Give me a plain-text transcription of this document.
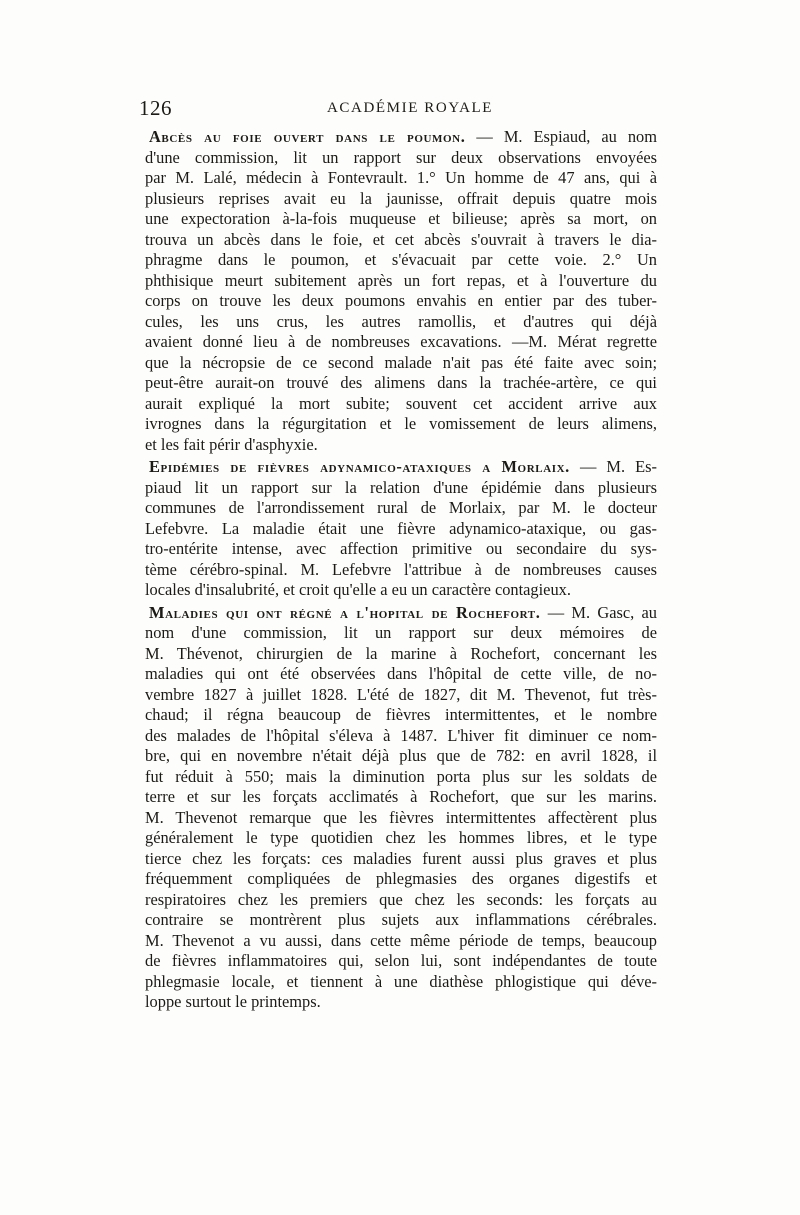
126	ACADÉMIE ROYALE
Abcès au foie ouvert dans le poumon. — M. Espiaud, au nom
d'une commission, lit un rapport sur deux observations envoyées
par M. Lalé, médecin à Fontevrault. 1.° Un homme de 47 ans, qui à
plusieurs reprises avait eu la jaunisse, offrait depuis quatre mois
une expectoration à-la-fois muqueuse et bilieuse; après sa mort, on
trouva un abcès dans le foie, et cet abcès s'ouvrait à travers le dia-
phragme dans le poumon, et s'évacuait par cette voie. 2.° Un
phthisique meurt subitement après un fort repas, et à l'ouverture du
corps on trouve les deux poumons envahis en entier par des tuber-
cules, les uns crus, les autres ramollis, et d'autres qui déjà
avaient donné lieu à de nombreuses excavations. —M. Mérat regrette
que la nécropsie de ce second malade n'ait pas été faite avec soin;
peut-être aurait-on trouvé des alimens dans la trachée-artère, ce qui
aurait expliqué la mort subite; souvent cet accident arrive aux
ivrognes dans la régurgitation et le vomissement de leurs alimens,
et les fait périr d'asphyxie.
Epidémies de fièvres adynamico-ataxiques a Morlaix. — M. Es-
piaud lit un rapport sur la relation d'une épidémie dans plusieurs
communes de l'arrondissement rural de Morlaix, par M. le docteur
Lefebvre. La maladie était une fièvre adynamico-ataxique, ou gas-
tro-entérite intense, avec affection primitive ou secondaire du sys-
tème cérébro-spinal. M. Lefebvre l'attribue à de nombreuses causes
locales d'insalubrité, et croit qu'elle a eu un caractère contagieux.
Maladies qui ont régné a l'hopital de Rochefort. — M. Gasc, au
nom d'une commission, lit un rapport sur deux mémoires de
M. Thévenot, chirurgien de la marine à Rochefort, concernant les
maladies qui ont été observées dans l'hôpital de cette ville, de no-
vembre 1827 à juillet 1828. L'été de 1827, dit M. Thevenot, fut très-
chaud; il régna beaucoup de fièvres intermittentes, et le nombre
des malades de l'hôpital s'éleva à 1487. L'hiver fit diminuer ce nom-
bre, qui en novembre n'était déjà plus que de 782: en avril 1828, il
fut réduit à 550; mais la diminution porta plus sur les soldats de
terre et sur les forçats acclimatés à Rochefort, que sur les marins.
M. Thevenot remarque que les fièvres intermittentes affectèrent plus
généralement le type quotidien chez les hommes libres, et le type
tierce chez les forçats: ces maladies furent aussi plus graves et plus
fréquemment compliquées de phlegmasies des organes digestifs et
respiratoires chez les premiers que chez les seconds: les forçats au
contraire se montrèrent plus sujets aux inflammations cérébrales.
M. Thevenot a vu aussi, dans cette même période de temps, beaucoup
de fièvres inflammatoires qui, selon lui, sont indépendantes de toute
phlegmasie locale, et tiennent à une diathèse phlogistique qui déve-
loppe surtout le printemps.
